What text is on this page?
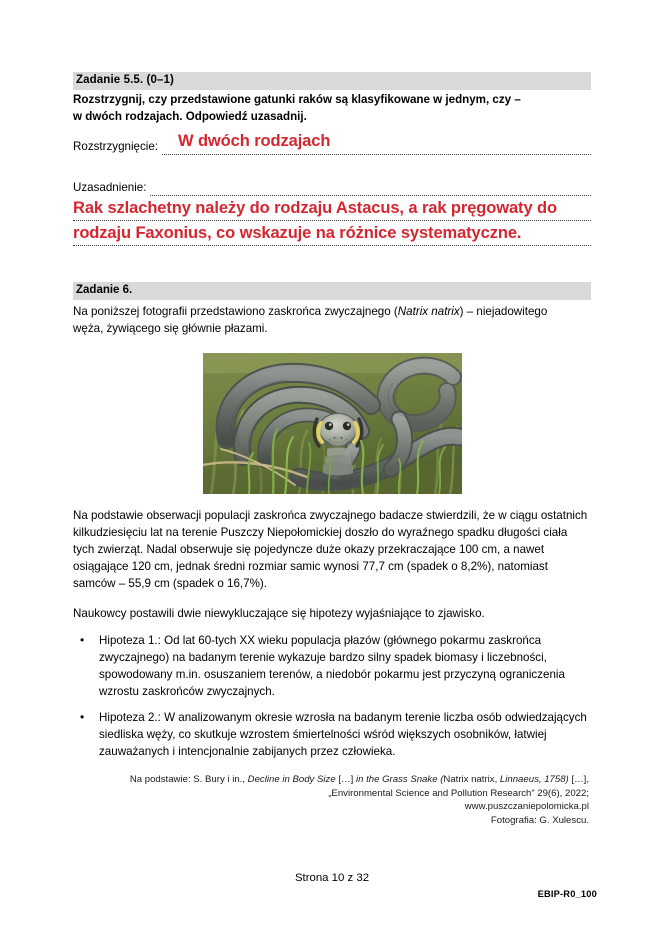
Zadanie 5.5. (0–1)
Rozstrzygnij, czy przedstawione gatunki raków są klasyfikowane w jednym, czy –
w dwóch rodzajach. Odpowiedź uzasadnij.
Rozstrzygnięcie: W dwóch rodzajach
Uzasadnienie:
Rak szlachetny należy do rodzaju Astacus, a rak pręgowaty do
rodzaju Faxonius, co wskazuje na różnice systematyczne.
Zadanie 6.
Na poniższej fotografii przedstawiono zaskrońca zwyczajnego (Natrix natrix) – niejadowitego
węża, żywiącego się głównie płazami.
Na podstawie obserwacji populacji zaskrońca zwyczajnego badacze stwierdzili, że w ciągu ostatnich kilkudziesięciu lat na terenie Puszczy Niepołomickiej doszło do wyraźnego spadku długości ciała tych zwierząt. Nadal obserwuje się pojedyncze duże okazy przekraczające 100 cm, a nawet osiągające 120 cm, jednak średni rozmiar samic wynosi 77,7 cm (spadek o 8,2%), natomiast samców – 55,9 cm (spadek o 16,7%).
Naukowcy postawili dwie niewykluczające się hipotezy wyjaśniające to zjawisko.
•	Hipoteza 1.: Od lat 60-tych XX wieku populacja płazów (głównego pokarmu zaskrońca zwyczajnego) na badanym terenie wykazuje bardzo silny spadek biomasy i liczebności, spowodowany m.in. osuszaniem terenów, a niedobór pokarmu jest przyczyną ograniczenia wzrostu zaskrońców zwyczajnych.
•	Hipoteza 2.: W analizowanym okresie wzrosła na badanym terenie liczba osób odwiedzających siedliska węży, co skutkuje wzrostem śmiertelności wśród większych osobników, łatwiej zauważanych i intencjonalnie zabijanych przez człowieka.
Na podstawie: S. Bury i in., Decline in Body Size […] in the Grass Snake (Natrix natrix, Linnaeus, 1758) […],
„Environmental Science and Pollution Research” 29(6), 2022;
www.puszczaniepolomicka.pl
Fotografia: G. Xulescu.
Strona 10 z 32
EBIP-R0_100
